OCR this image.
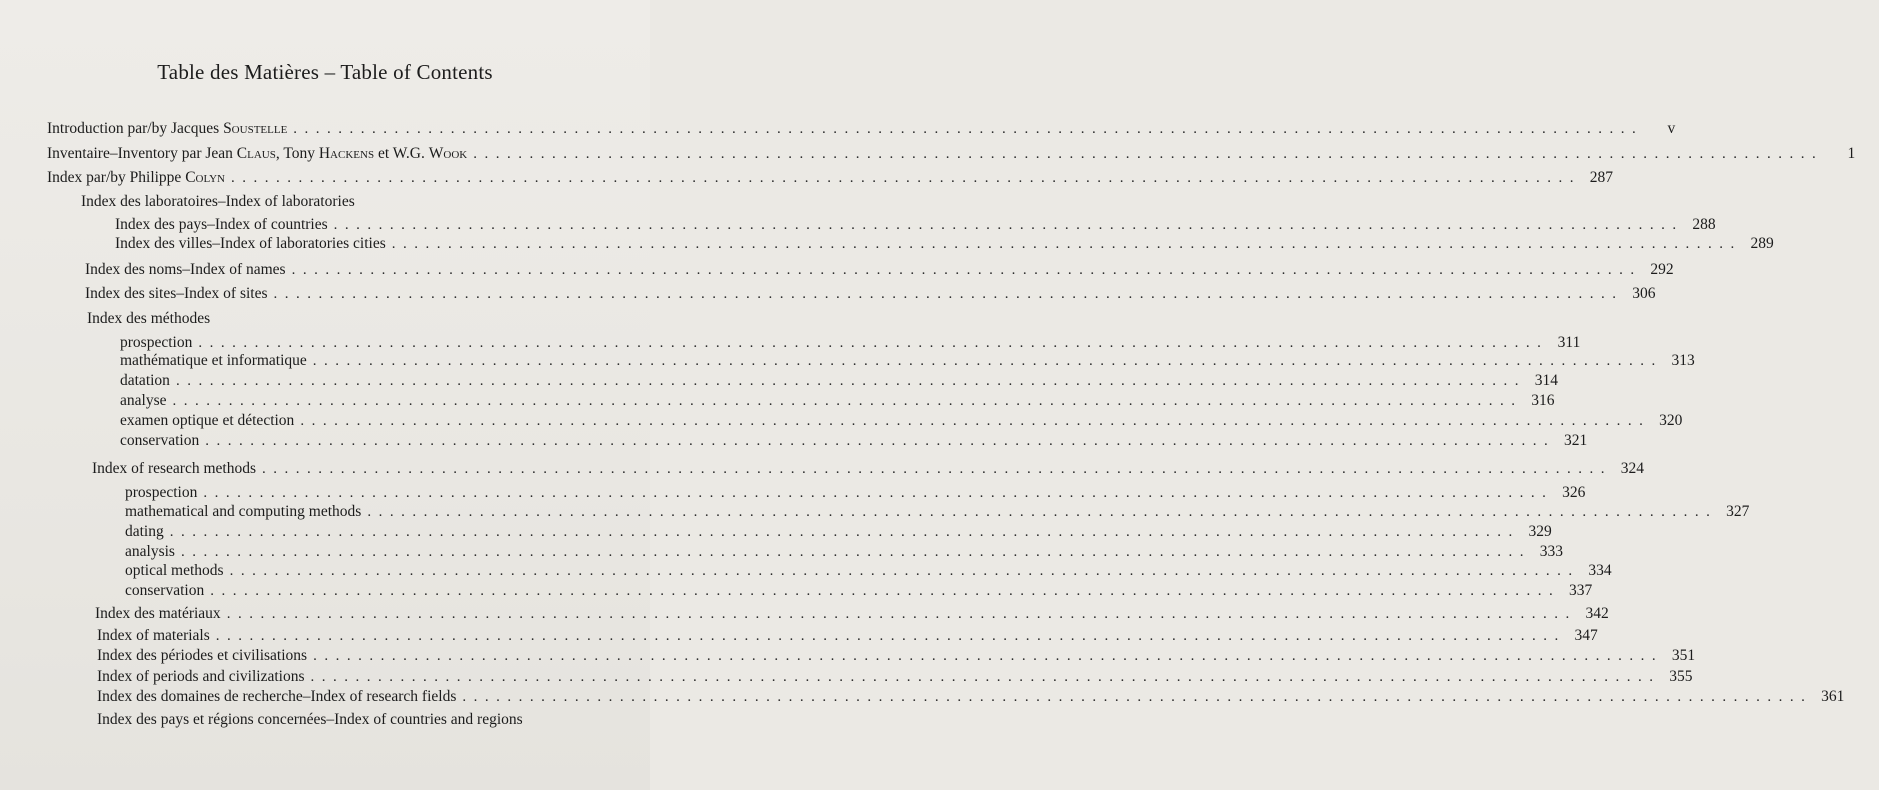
Table des Matières – Table of Contents
Introduction par/by Jacques Soustelle ........................................................................................................................	v
Inventaire–Inventory par Jean Claus, Tony Hackens et W.G. Wook ........................................................................................................................	1
Index par/by Philippe Colyn ........................................................................................................................ 287
Index des laboratoires–Index of laboratories
Index des pays–Index of countries ........................................................................................................................ 288
Index des villes–Index of laboratories cities ........................................................................................................................ 289
Index des noms–Index of names ........................................................................................................................ 292
Index des sites–Index of sites ........................................................................................................................ 306
Index des méthodes
prospection ........................................................................................................................ 311
mathématique et informatique ........................................................................................................................ 313
datation ........................................................................................................................ 314
analyse ........................................................................................................................ 316
examen optique et détection ........................................................................................................................ 320
conservation ........................................................................................................................ 321
Index of research methods ........................................................................................................................ 324
prospection ........................................................................................................................ 326
mathematical and computing methods ........................................................................................................................ 327
dating ........................................................................................................................ 329
analysis ........................................................................................................................ 333
optical methods ........................................................................................................................ 334
conservation ........................................................................................................................ 337
Index des matériaux ........................................................................................................................ 342
Index of materials ........................................................................................................................ 347
Index des périodes et civilisations ........................................................................................................................ 351
Index of periods and civilizations ........................................................................................................................ 355
Index des domaines de recherche–Index of research fields ........................................................................................................................ 361
Index des pays et régions concernées–Index of countries and regions
